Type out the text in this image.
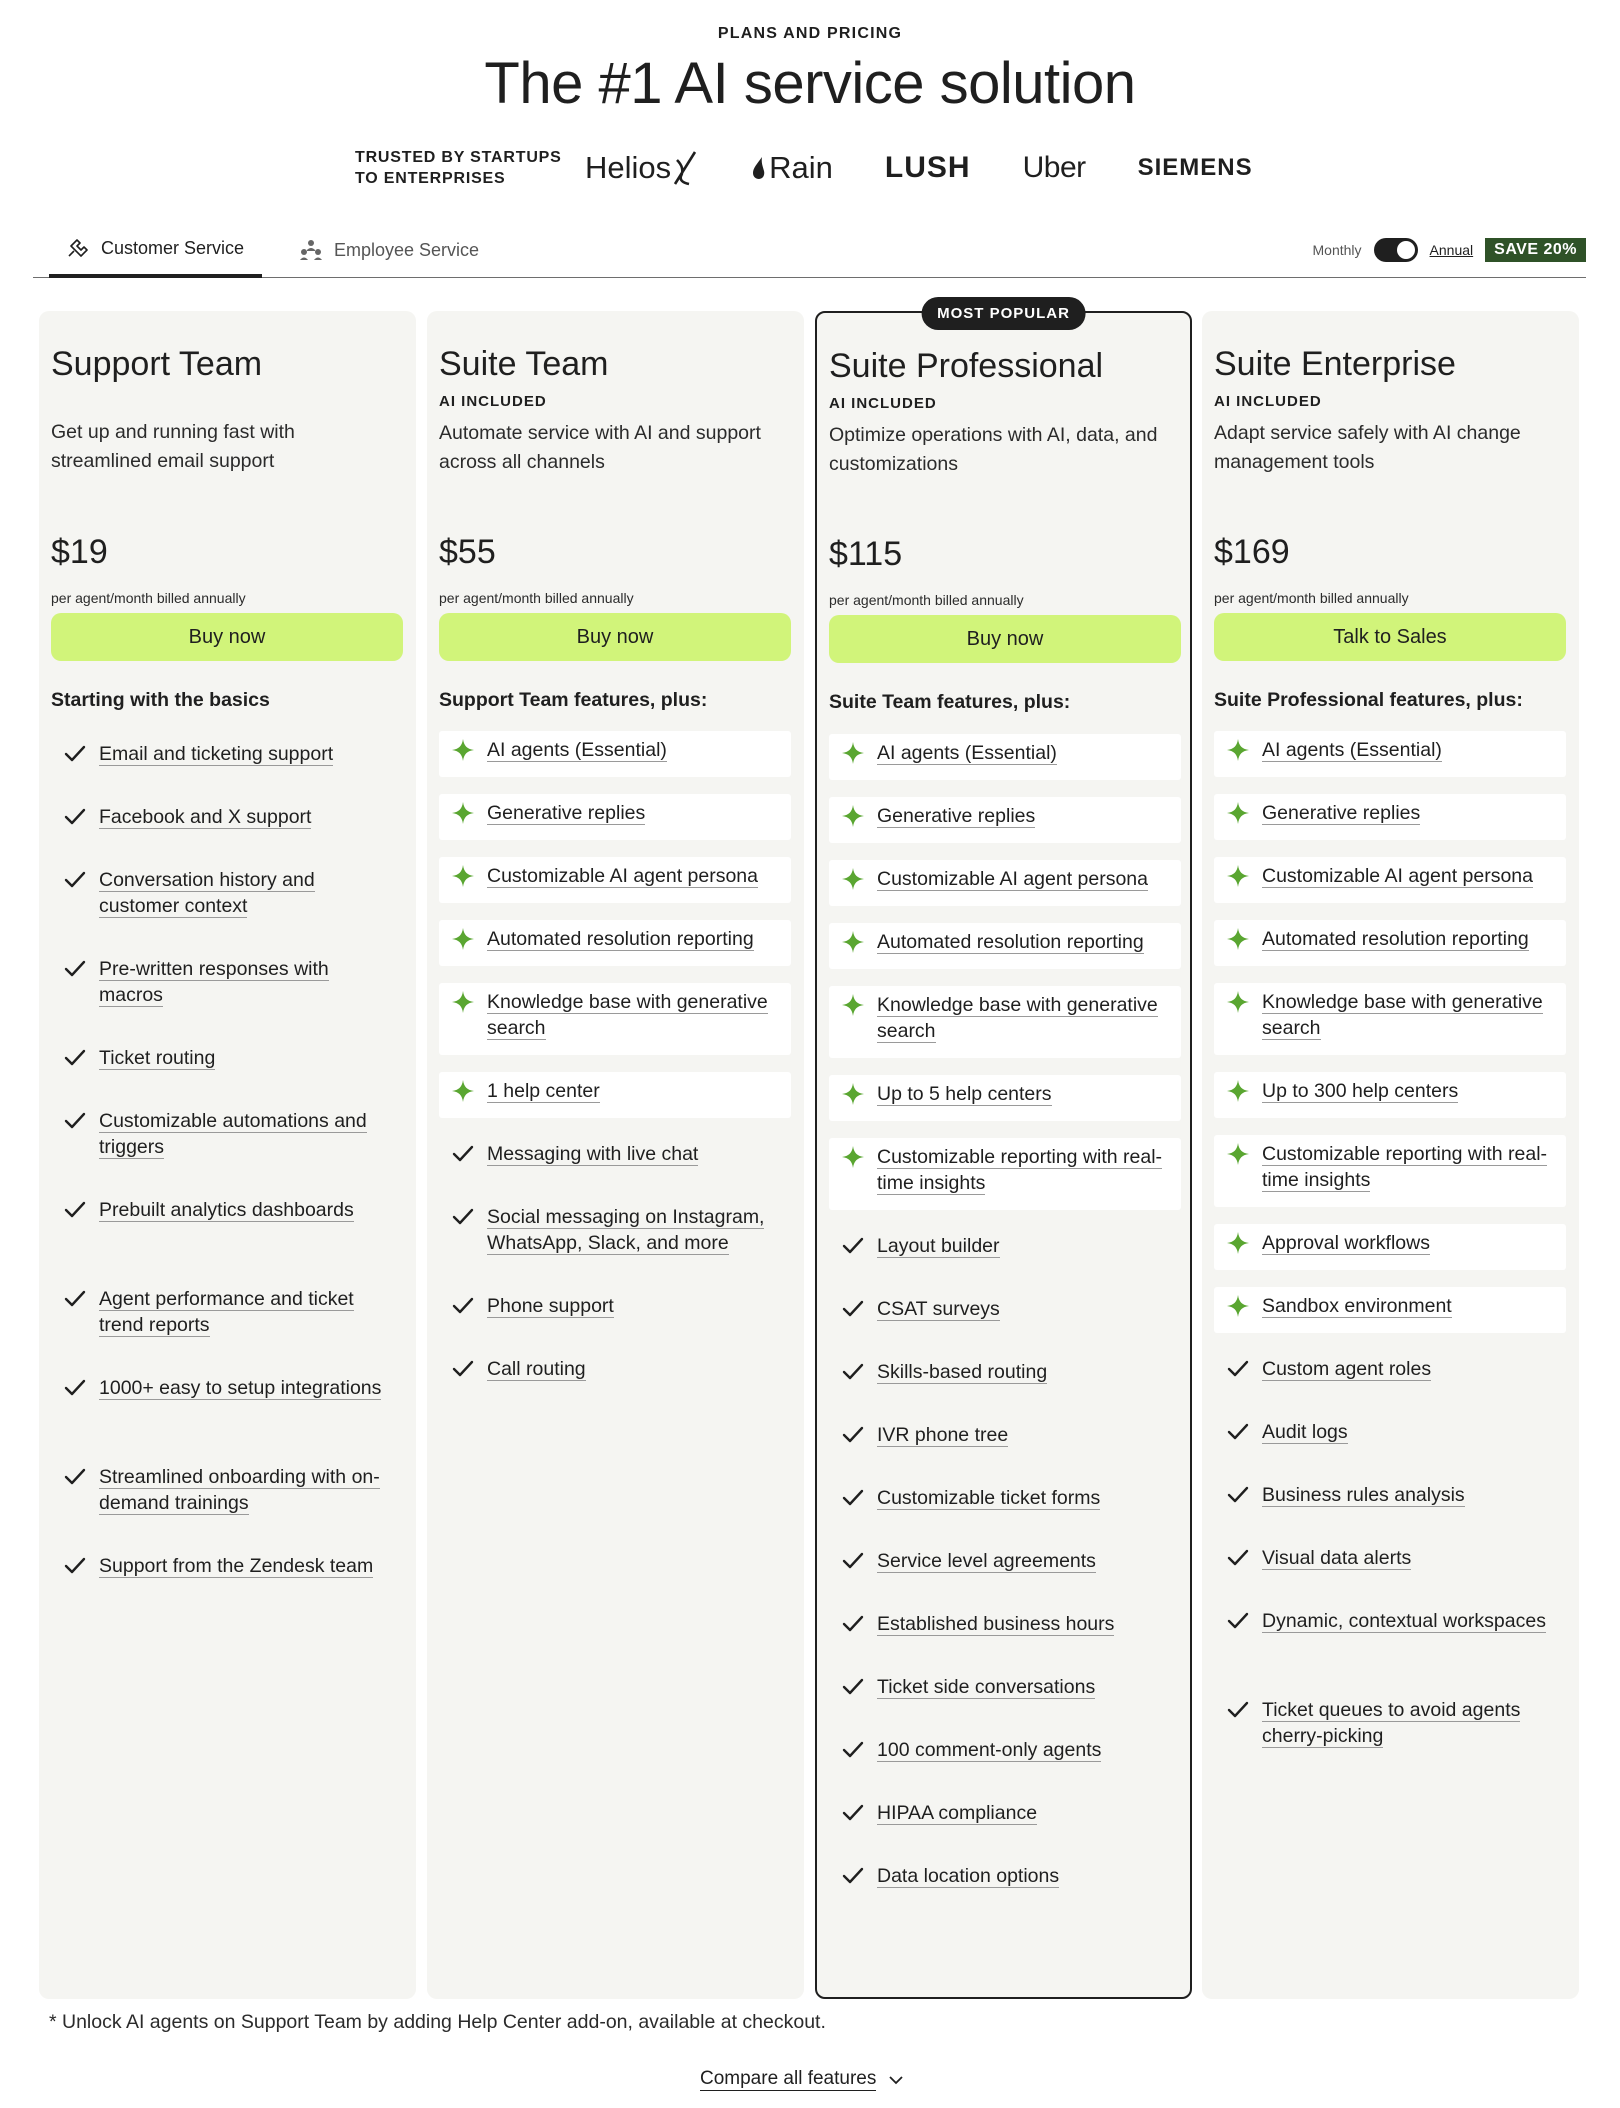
PLANS AND PRICING
The #1 AI service solution
TRUSTED BY STARTUPS
TO ENTERPRISES	Helios	Rain LUSH Uber SIEMENS
Customer Service	Employee Service	Monthly	Annual	SAVE 20%
Support Team
Get up and running fast with streamlined email support
$19
per agent/month billed annually
Buy now
Starting with the basics
Email and ticketing support
Facebook and X support
Conversation history and customer context
Pre-written responses with macros
Ticket routing
Customizable automations and triggers
Prebuilt analytics dashboards
Agent performance and ticket trend reports
1000+ easy to setup integrations
Streamlined onboarding with on-demand trainings
Support from the Zendesk team
Suite Team
AI INCLUDED
Automate service with AI and support across all channels
$55
per agent/month billed annually
Buy now
Support Team features, plus:
AI agents (Essential)
Generative replies
Customizable AI agent persona
Automated resolution reporting
Knowledge base with generative search
1 help center
Messaging with live chat
Social messaging on Instagram, WhatsApp, Slack, and more
Phone support
Call routing
MOST POPULAR
Suite Professional
AI INCLUDED
Optimize operations with AI, data, and customizations
$115
per agent/month billed annually
Buy now
Suite Team features, plus:
AI agents (Essential)
Generative replies
Customizable AI agent persona
Automated resolution reporting
Knowledge base with generative search
Up to 5 help centers
Customizable reporting with real-time insights
Layout builder
CSAT surveys
Skills-based routing
IVR phone tree
Customizable ticket forms
Service level agreements
Established business hours
Ticket side conversations
100 comment-only agents
HIPAA compliance
Data location options
Suite Enterprise
AI INCLUDED
Adapt service safely with AI change management tools
$169
per agent/month billed annually
Talk to Sales
Suite Professional features, plus:
AI agents (Essential)
Generative replies
Customizable AI agent persona
Automated resolution reporting
Knowledge base with generative search
Up to 300 help centers
Customizable reporting with real-time insights
Approval workflows
Sandbox environment
Custom agent roles
Audit logs
Business rules analysis
Visual data alerts
Dynamic, contextual workspaces
Ticket queues to avoid agents cherry-picking
* Unlock AI agents on Support Team by adding Help Center add-on, available at checkout.
Compare all features
